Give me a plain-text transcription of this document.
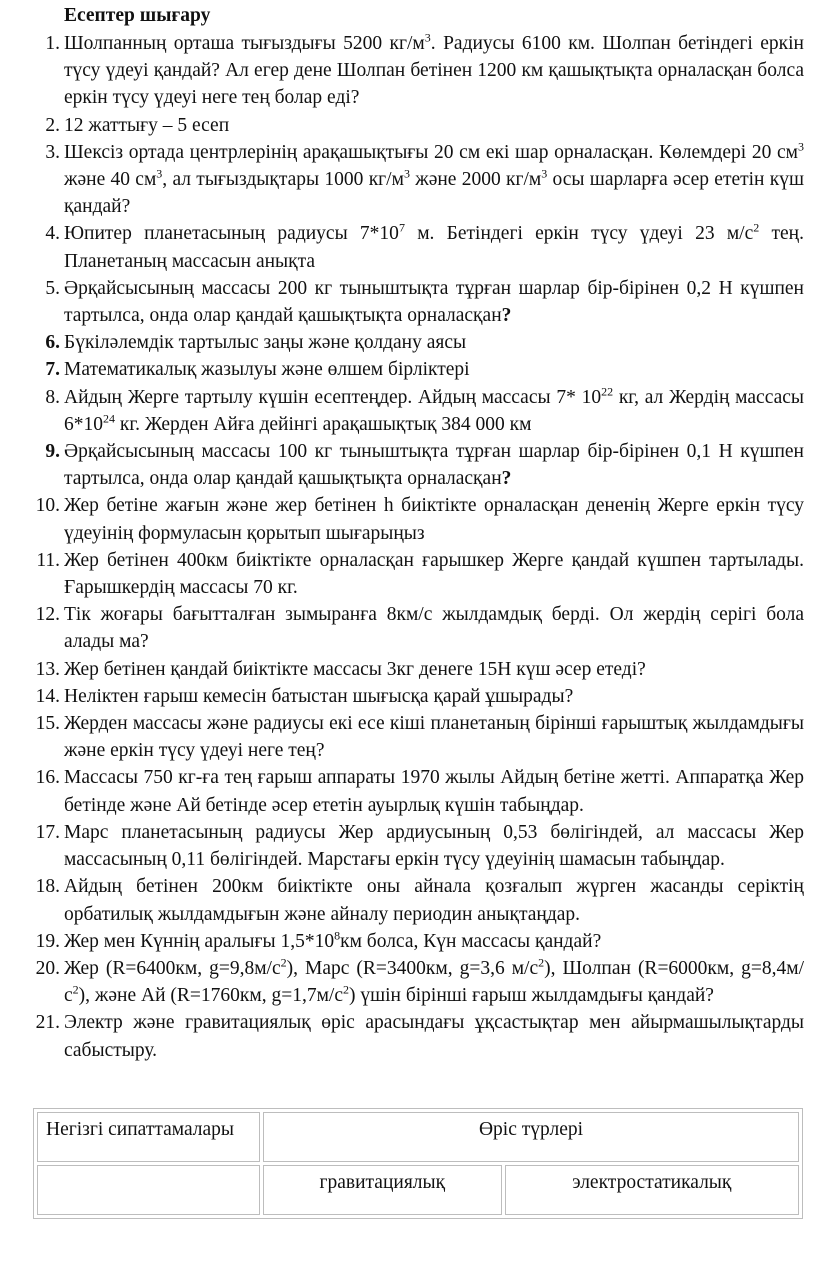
Есептер шығару
1. Шолпанның орташа тығыздығы 5200 $кг/м^3$. Радиусы 6100 км. Шолпан бетіндегі еркін түсу үдеуі қандай? Ал егер дене Шолпан бетінен 1200 км қашықтықта орналасқан болса еркін түсу үдеуі неге тең болар еді?
2. 12 жаттығу – 5 есеп
3. Шексіз ортада центрлерінің арақашықтығы 20 см екі шар орналасқан. Көлемдері 20 $см^3$ және 40 $см^3$, ал тығыздықтары 1000 $кг/м^3$ және 2000 $кг/м^3$ осы шарларға әсер ететін күш қандай?
4. Юпитер планетасының радиусы $7*10^7$ м. Бетіндегі еркін түсу үдеуі 23 $м/с^2$ тең. Планетаның массасын анықта
5. Әрқайсысының массасы 200 кг тыныштықта тұрған шарлар бір-бірінен 0,2 Н күшпен тартылса, онда олар қандай қашықтықта орналасқан?
6. Бүкіләлемдік тартылыс заңы және қолдану аясы
7. Математикалық жазылуы және өлшем бірліктері
8. Айдың Жерге тартылу күшін есептеңдер. Айдың массасы 7* $10^{22}$ кг, ал Жердің массасы $6*10^{24}$ кг. Жерден Айға дейінгі арақашықтық 384 000 км
9. Әрқайсысының массасы 100 кг тыныштықта тұрған шарлар бір-бірінен 0,1 Н күшпен тартылса, онда олар қандай қашықтықта орналасқан?
10. Жер бетіне жағын және жер бетінен h биіктікте орналасқан дененің Жерге еркін түсу үдеуінің формуласын қорытып шығарыңыз
11. Жер бетінен 400км биіктікте орналасқан ғарышкер Жерге қандай күшпен тартылады. Ғарышкердің массасы 70 кг.
12. Тік жоғары бағытталған зымыранға 8км/с жылдамдық берді. Ол жердің серігі бола алады ма?
13. Жер бетінен қандай биіктікте массасы 3кг денеге 15Н күш әсер етеді?
14. Неліктен ғарыш кемесін батыстан шығысқа қарай ұшырады?
15. Жерден массасы және радиусы екі есе кіші планетаның бірінші ғарыштық жылдамдығы және еркін түсу үдеуі неге тең?
16. Массасы 750 кг-ға тең ғарыш аппараты 1970 жылы Айдың бетіне жетті. Аппаратқа Жер бетінде және Ай бетінде әсер ететін ауырлық күшін табыңдар.
17. Марс планетасының радиусы Жер ардиусының 0,53 бөлігіндей, ал массасы Жер массасының 0,11 бөлігіндей. Марстағы еркін түсу үдеуінің шамасын табыңдар.
18. Айдың бетінен 200км биіктікте оны айнала қозғалып жүрген жасанды серіктің орбатилық жылдамдығын және айналу периодин анықтаңдар.
19. Жер мен Күннің аралығы $1,5*10^8км$ болса, Күн массасы қандай?
20. Жер (R=6400км, $g=9,8м/с^2$), Марс (R=3400км, g=3,6 $м/с^2$), Шолпан (R=6000км, $g=8,4м/с^2$), және Ай (R=1760км, $g=1,7м/с^2$) үшін бірінші ғарыш жылдамдығы қандай?
21. Электр және гравитациялық өріс арасындағы ұқсастықтар мен айырмашылықтарды сабыстыру.
Негізгі сипаттамалары	Өріс түрлері	
	гравитациялық	электростатикалық
